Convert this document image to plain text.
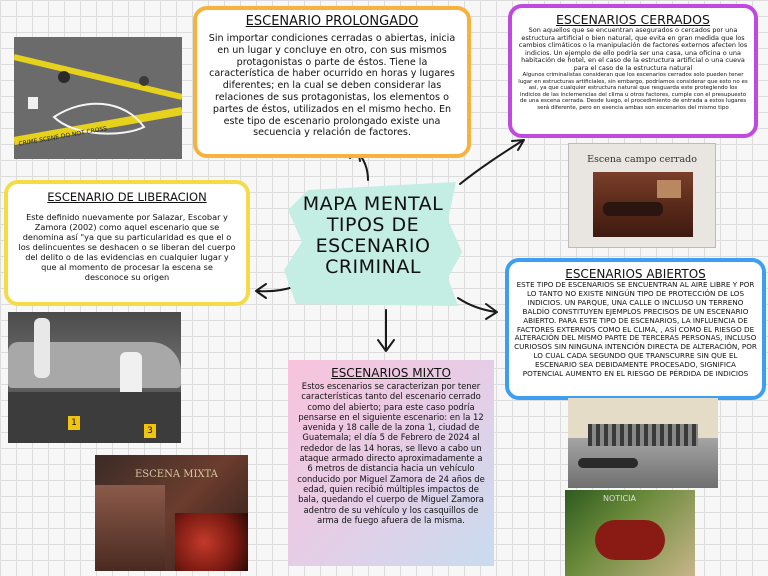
MAPA MENTAL
TIPOS DE
ESCENARIO
CRIMINAL
ESCENARIO PROLONGADO

Sin importar condiciones cerradas o abiertas, inicia en un lugar y concluye en otro, con sus mismos protagonistas o parte de éstos. Tiene la característica de haber ocurrido en horas y lugares diferentes; en la cual se deben considerar las relaciones de sus protagonistas, los elementos o partes de éstos, utilizados en el mismo hecho. En este tipo de escenario prolongado existe una secuencia y relación de factores.

ESCENARIOS CERRADOS

Son aquellos que se encuentran asegurados o cercados por una estructura artificial o bien natural, que evita en gran medida que los cambios climáticos o la manipulación de factores externos afecten los indicios. Un ejemplo de ello podría ser una casa, una oficina o una habitación de hotel, en el caso de la estructura artificial o una cueva para el caso de la estructura natural

Algunos criminalistas consideran que los escenarios cerrados solo pueden tener lugar en estructuras artificiales, sin embargo, podríamos considerar que esto no es así, ya que cualquier estructura natural que resguarda este protegiendo los indicios de las inclemencias del clima u otros factores, cumple con el presupuesto de una escena cerrada. Desde luego, el procedimiento de entrada a estos lugares será diferente, pero en esencia ambas son escenarios del mismo tipo

ESCENARIO DE LIBERACION

Este definido nuevamente por Salazar, Escobar y Zamora (2002) como aquel escenario que se denomina así "ya que su particularidad es que el o los delincuentes se deshacen o se liberan del cuerpo del delito o de las evidencias en cualquier lugar y que al momento de procesar la escena se desconoce su origen	ESCENARIOS ABIERTOS

ESTE TIPO DE ESCENARIOS SE ENCUENTRAN AL AIRE LIBRE Y POR LO TANTO NO EXISTE NINGÚN TIPO DE PROTECCIÓN DE LOS INDICIOS. UN PARQUE, UNA CALLE O INCLUSO UN TERRENO BALDÍO CONSTITUYEN EJEMPLOS PRECISOS DE UN ESCENARIO ABIERTO. PARA ESTE TIPO DE ESCENARIOS, LA INFLUENCIA DE FACTORES EXTERNOS COMO EL CLIMA, , ASÍ COMO EL RIESGO DE ALTERACIÓN DEL MISMO PARTE DE TERCERAS PERSONAS, INCLUSO CURIOSOS SIN NINGUNA INTENCIÓN DIRECTA DE ALTERACIÓN, POR LO CUAL CADA SEGUNDO QUE TRANSCURRE SIN QUE EL ESCENARIO SEA DEBIDAMENTE PROCESADO, SIGNIFICA POTENCIAL AUMENTO EN EL RIESGO DE PÉRDIDA DE INDICIOS

ESCENARIOS MIXTO

Estos escenarios se caracterizan por tener características tanto del escenario cerrado como del abierto; para este caso podría pensarse en el siguiente escenario: en la 12 avenida y 18 calle de la zona 1, ciudad de Guatemala; el día 5 de Febrero de 2024 al rededor de las 14 horas, se llevo a cabo un ataque armado directo aproximadamente a 6 metros de distancia hacia un vehículo conducido por Miguel Zamora de 24 años de edad, quien recibió múltiples impactos de bala, quedando el cuerpo de Miguel Zamora adentro de su vehículo y los casquillos de arma de fuego afuera de la misma.

CRIME SCENE DO NOT CROSS
Escena campo cerrado
1
3
ESCENA MIXTA
NOTICIA
